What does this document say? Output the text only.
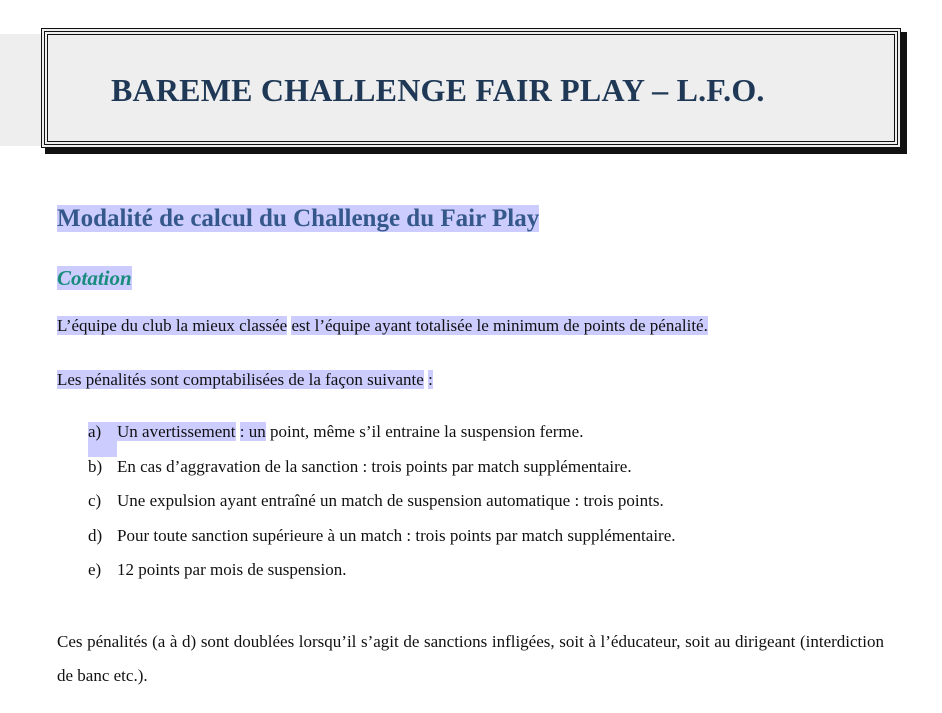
BAREME CHALLENGE FAIR PLAY – L.F.O.
Modalité de calcul du Challenge du Fair Play
Cotation
L’équipe du club la mieux classée est l’équipe ayant totalisée le minimum de points de pénalité.
Les pénalités sont comptabilisées de la façon suivante :
a) Un avertissement : un point, même s’il entraine la suspension ferme.
b) En cas d’aggravation de la sanction : trois points par match supplémentaire.
c) Une expulsion ayant entraîné un match de suspension automatique : trois points.
d) Pour toute sanction supérieure à un match : trois points par match supplémentaire.
e) 12 points par mois de suspension.
Ces pénalités (a à d) sont doublées lorsqu’il s’agit de sanctions infligées, soit à l’éducateur, soit au dirigeant (interdiction de banc etc.).
